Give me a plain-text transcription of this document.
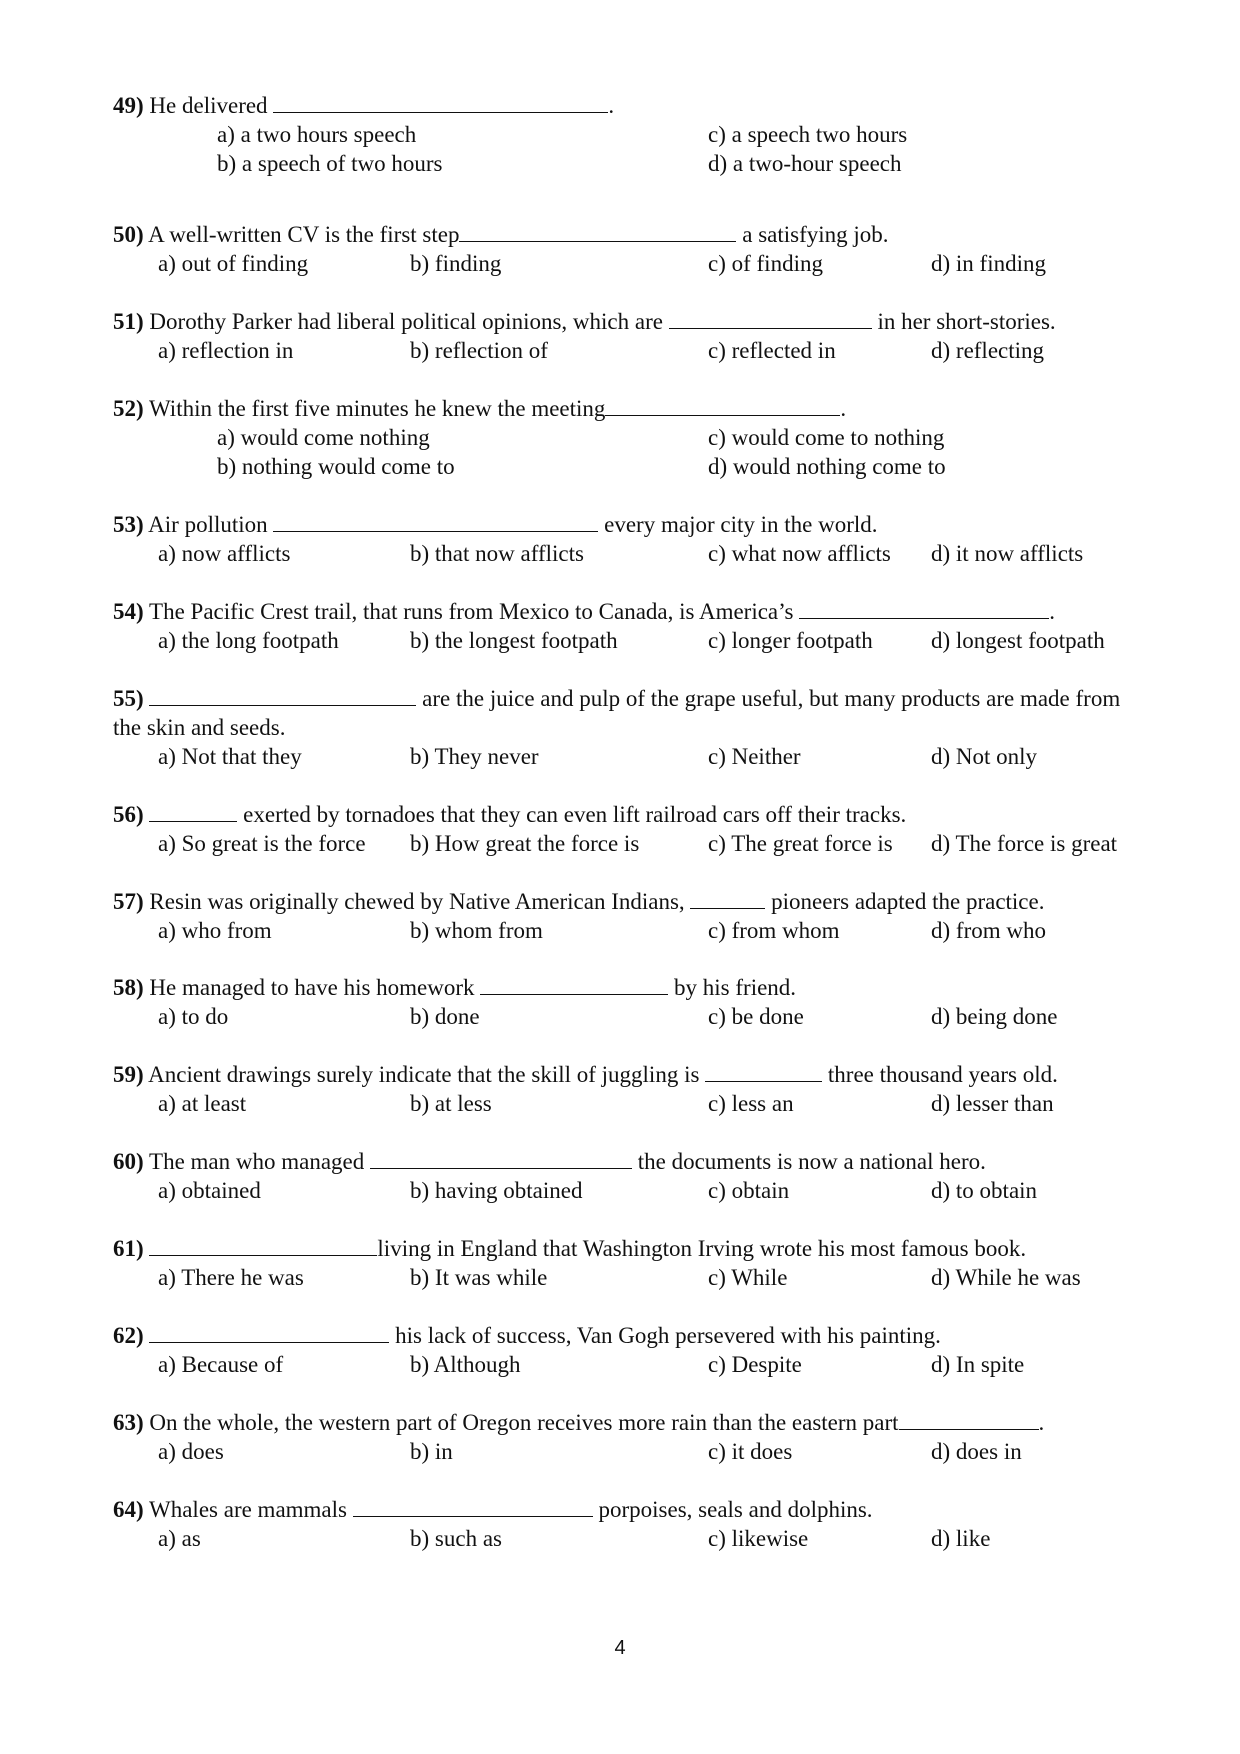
49) He delivered	.
a) a two hours speech	c) a speech two hours
b) a speech of two hours	d) a two-hour speech
50) A well-written CV is the first step	a satisfying job.
a) out of finding	b) finding	c) of finding	d) in finding
51) Dorothy Parker had liberal political opinions, which are	in her short-stories.
a) reflection in	b) reflection of	c) reflected in	d) reflecting
52) Within the first five minutes he knew the meeting	.
a) would come nothing	c) would come to nothing
b) nothing would come to	d) would nothing come to
53) Air pollution	every major city in the world.
a) now afflicts	b) that now afflicts	c) what now afflicts d) it now afflicts
54) The Pacific Crest trail, that runs from Mexico to Canada, is America’s	.
a) the long footpath	b) the longest footpath	c) longer footpath	d) longest footpath
55)	are the juice and pulp of the grape useful, but many products are made from the skin and seeds.
a) Not that they	b) They never	c) Neither	d) Not only
56)	exerted by tornadoes that they can even lift railroad cars off their tracks.
a) So great is the force b) How great the force is	c) The great force is d) The force is great
57) Resin was originally chewed by Native American Indians,	pioneers adapted the practice.
a) who from	b) whom from	c) from whom	d) from who
58) He managed to have his homework	by his friend.
a) to do	b) done	c) be done	d) being done
59) Ancient drawings surely indicate that the skill of juggling is	three thousand years old.
a) at least	b) at less	c) less an	d) lesser than
60) The man who managed	the documents is now a national hero.
a) obtained	b) having obtained	c) obtain	d) to obtain
61)	living in England that Washington Irving wrote his most famous book.
a) There he was	b) It was while	c) While	d) While he was
62)	his lack of success, Van Gogh persevered with his painting.
a) Because of	b) Although	c) Despite	d) In spite
63) On the whole, the western part of Oregon receives more rain than the eastern part	.
a) does	b) in	c) it does	d) does in
64) Whales are mammals	porpoises, seals and dolphins.
a) as	b) such as	c) likewise	d) like
4
